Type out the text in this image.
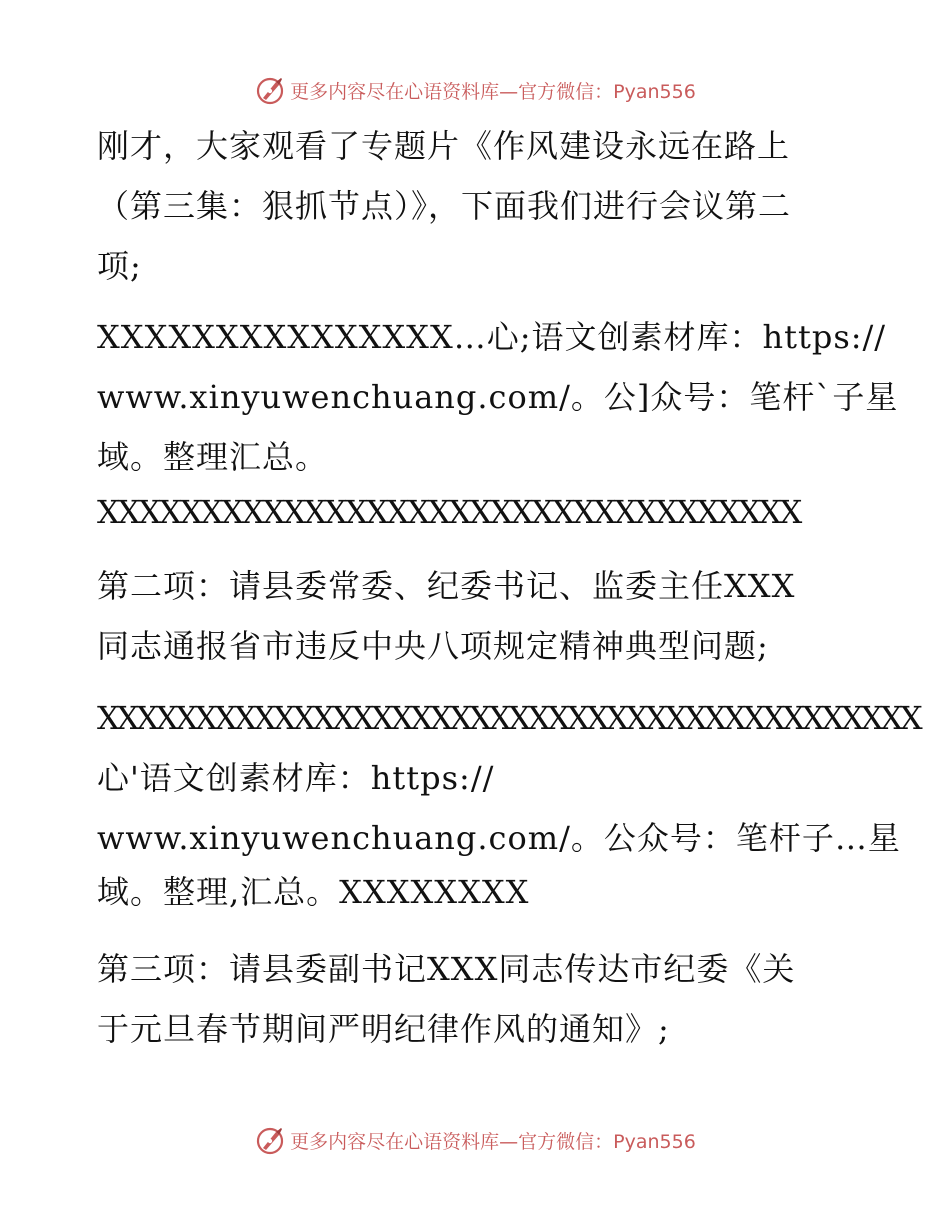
更多内容尽在心语资料库—官方微信：Pyan556
刚才，大家观看了专题片《作风建设永远在路上
（第三集：狠抓节点）》，下面我们进行会议第二
项;
XXXXXXXXXXXXXXX…心;语文创素材库：https://
www.xinyuwenchuang.com/。公]众号：笔杆`子星
域。整理汇总。
XXXXXXXXXXXXXXXXXXXXXXXXXXXXXXXXXX
第二项：请县委常委、纪委书记、监委主任XXX
同志通报省市违反中央八项规定精神典型问题;
XXXXXXXXXXXXXXXXXXXXXXXXXXXXXXXXXXXXXXXXXX
心'语文创素材库：https://
www.xinyuwenchuang.com/。公众号：笔杆子…星
域。整理,汇总。XXXXXXXX
第三项：请县委副书记XXX同志传达市纪委《关
于元旦春节期间严明纪律作风的通知》;
更多内容尽在心语资料库—官方微信：Pyan556
